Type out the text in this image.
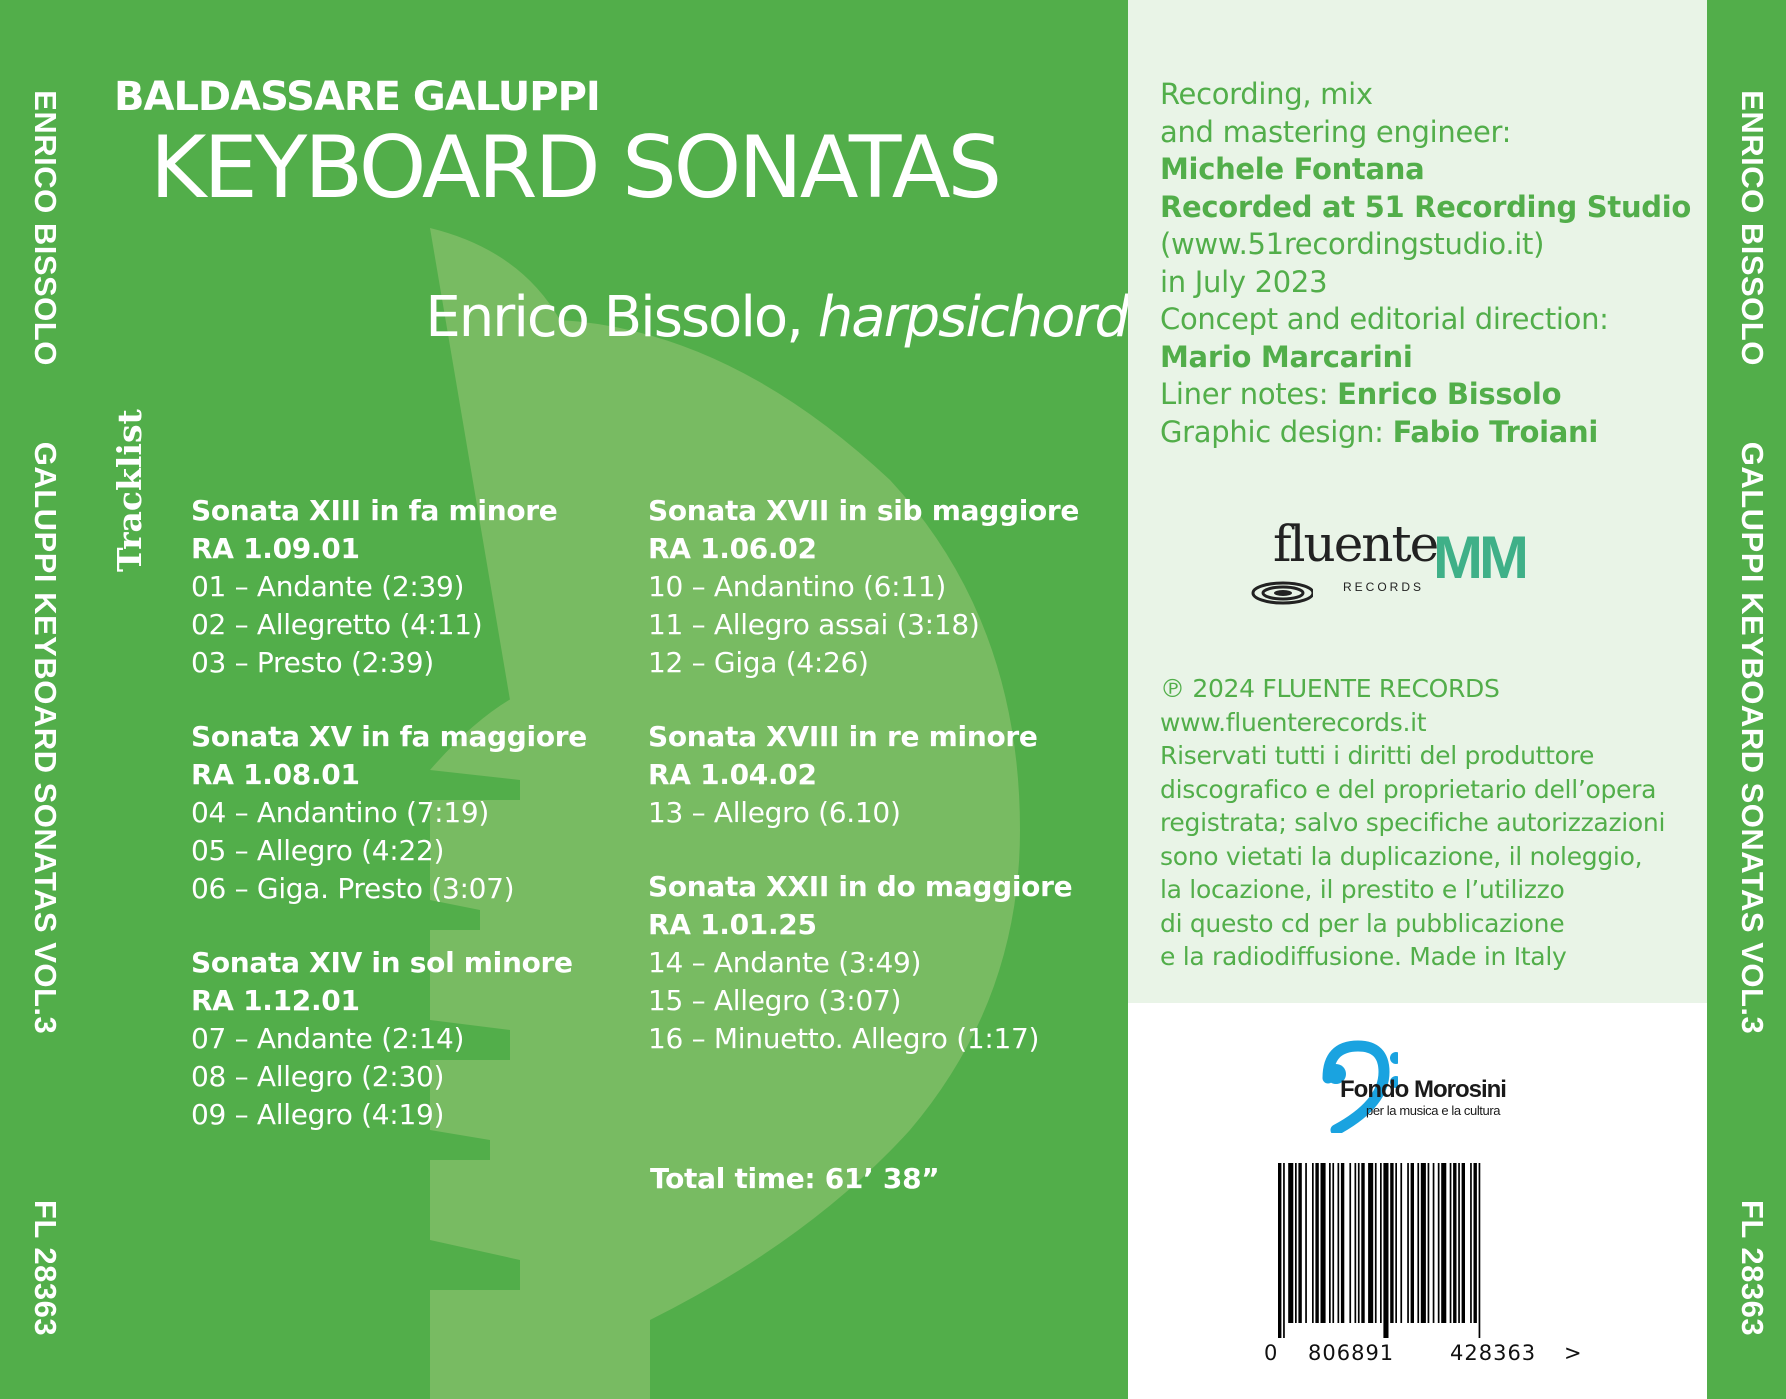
ENRICO BISSOLO
GALUPPI KEYBOARD SONATAS VOL.3
FL 28363
BALDASSARE GALUPPI
KEYBOARD SONATAS
Enrico Bissolo, harpsichord
Tracklist Sonata XIII in fa minore
RA 1.09.01
01 – Andante (2:39)
02 – Allegretto (4:11)
03 – Presto (2:39)
Sonata XV in fa maggiore
RA 1.08.01
04 – Andantino (7:19)
05 – Allegro (4:22)
06 – Giga. Presto (3:07)
Sonata XIV in sol minore
RA 1.12.01
07 – Andante (2:14)
08 – Allegro (2:30)
09 – Allegro (4:19)
Sonata XVII in sib maggiore
RA 1.06.02
10 – Andantino (6:11)
11 – Allegro assai (3:18)
12 – Giga (4:26)
Sonata XVIII in re minore
RA 1.04.02
13 – Allegro (6.10)
Sonata XXII in do maggiore
RA 1.01.25
14 – Andante (3:49)
15 – Allegro (3:07)
16 – Minuetto. Allegro (1:17)
Total time: 61’ 38”
Recording, mix
and mastering engineer:
Michele Fontana
Recorded at 51 Recording Studio
(www.51recordingstudio.it)
in July 2023
Concept and editorial direction:
Mario Marcarini
Liner notes: Enrico Bissolo
Graphic design: Fabio Troiani
fluente
RECORDS MM
℗ 2024 FLUENTE RECORDS
www.fluenterecords.it
Riservati tutti i diritti del produttore
discografico e del proprietario dell’opera
registrata; salvo specifiche autorizzazioni
sono vietati la duplicazione, il noleggio,
la locazione, il prestito e l’utilizzo
di questo cd per la pubblicazione
e la radiodiffusione. Made in Italy
Fondo Morosini
per la musica e la cultura
0 806891	428363 >
ENRICO BISSOLO
GALUPPI KEYBOARD SONATAS VOL.3
FL 28363
